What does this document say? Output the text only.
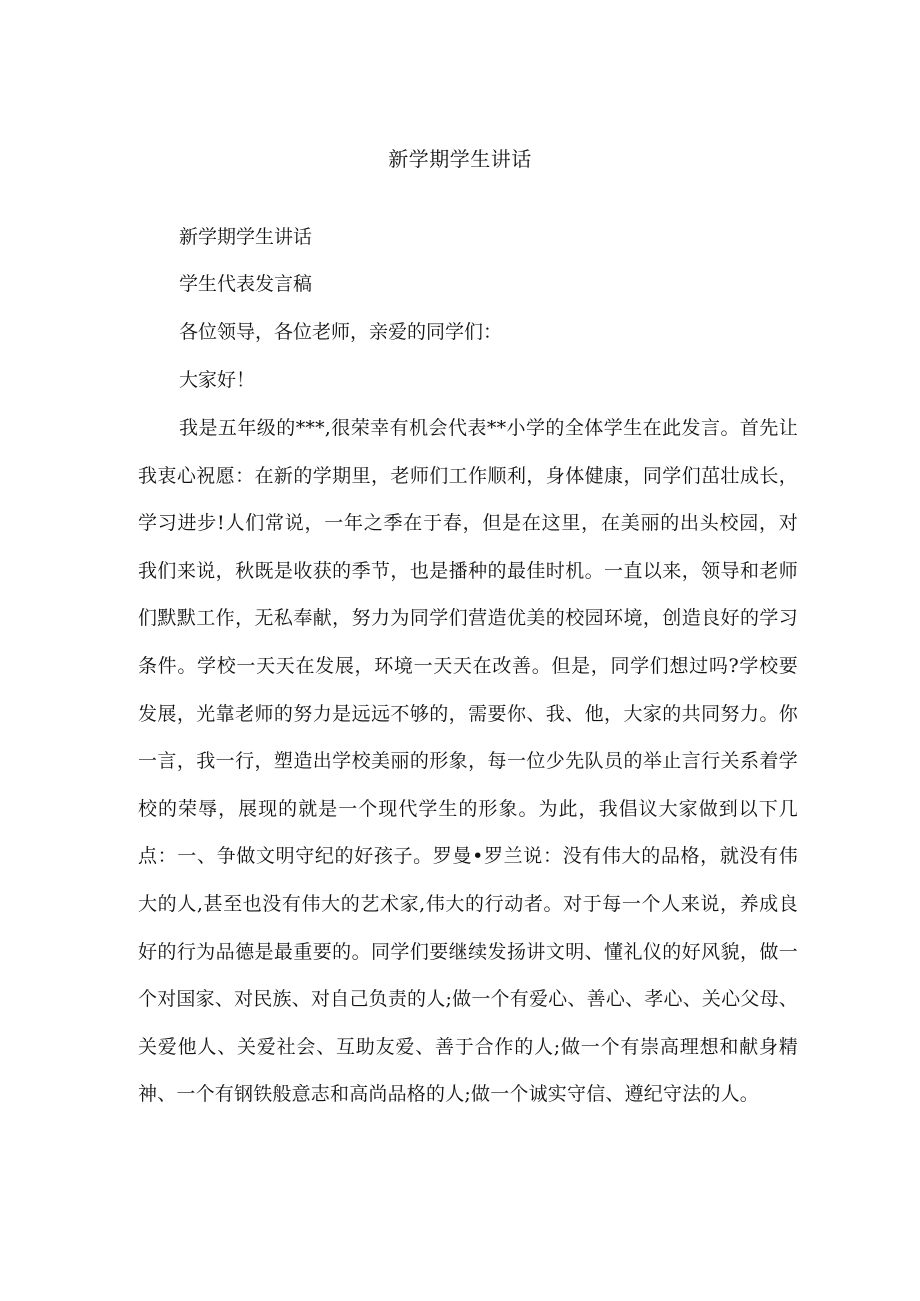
新学期学生讲话

新学期学生讲话

学生代表发言稿

各位领导，各位老师，亲爱的同学们：

大家好！

我是五年级的***,很荣幸有机会代表**小学的全体学生在此发言。首先让我衷心祝愿：在新的学期里，老师们工作顺利，身体健康，同学们茁壮成长，学习进步!人们常说，一年之季在于春，但是在这里，在美丽的出头校园，对我们来说，秋既是收获的季节，也是播种的最佳时机。一直以来，领导和老师们默默工作，无私奉献，努力为同学们营造优美的校园环境，创造良好的学习条件。学校一天天在发展，环境一天天在改善。但是，同学们想过吗?学校要发展，光靠老师的努力是远远不够的，需要你、我、他，大家的共同努力。你一言，我一行，塑造出学校美丽的形象，每一位少先队员的举止言行关系着学校的荣辱，展现的就是一个现代学生的形象。为此，我倡议大家做到以下几点：一、争做文明守纪的好孩子。罗曼•罗兰说：没有伟大的品格，就没有伟大的人,甚至也没有伟大的艺术家,伟大的行动者。对于每一个人来说，养成良好的行为品德是最重要的。同学们要继续发扬讲文明、懂礼仪的好风貌，做一个对国家、对民族、对自己负责的人;做一个有爱心、善心、孝心、关心父母、关爱他人、关爱社会、互助友爱、善于合作的人;做一个有崇高理想和献身精神、一个有钢铁般意志和高尚品格的人;做一个诚实守信、遵纪守法的人。
